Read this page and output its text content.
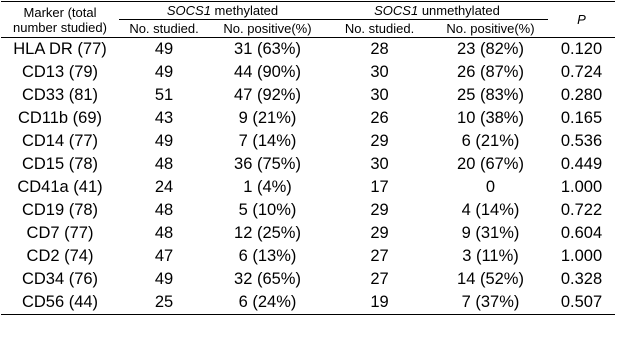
Marker (total
number studied)	SOCS1 methylated		SOCS1 unmethylated		P
	No. studied.	No. positive(%)	No. studied.	No. positive(%)	
HLA DR (77)	49	31 (63%)	28	23 (82%)	0.120
CD13 (79)	49	44 (90%)	30	26 (87%)	0.724
CD33 (81)	51	47 (92%)	30	25 (83%)	0.280
CD11b (69)	43	9 (21%)	26	10 (38%)	0.165
CD14 (77)	49	7 (14%)	29	6 (21%)	0.536
CD15 (78)	48	36 (75%)	30	20 (67%)	0.449
CD41a (41)	24	1 (4%)	17	0	1.000
CD19 (78)	48	5 (10%)	29	4 (14%)	0.722
CD7 (77)	48	12 (25%)	29	9 (31%)	0.604
CD2 (74)	47	6 (13%)	27	3 (11%)	1.000
CD34 (76)	49	32 (65%)	27	14 (52%)	0.328
CD56 (44)	25	6 (24%)	19	7 (37%)	0.507
